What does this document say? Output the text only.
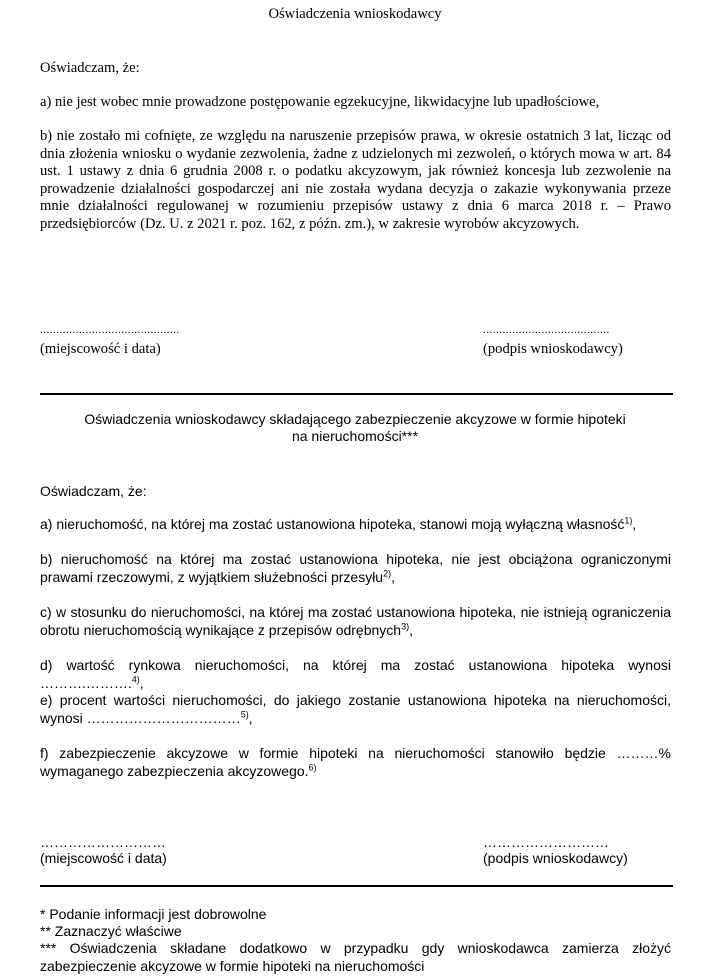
Oświadczenia wnioskodawcy
Oświadczam, że:
a) nie jest wobec mnie prowadzone postępowanie egzekucyjne, likwidacyjne lub upadłościowe,
b) nie zostało mi cofnięte, ze względu na naruszenie przepisów prawa, w okresie ostatnich 3 lat, licząc od dnia złożenia wniosku o wydanie zezwolenia, żadne z udzielonych mi zezwoleń, o których mowa w art. 84 ust. 1 ustawy z dnia 6 grudnia 2008 r. o podatku akcyzowym, jak również koncesja lub zezwolenie na prowadzenie działalności gospodarczej ani nie została wydana decyzja o zakazie wykonywania przeze mnie działalności regulowanej w rozumieniu przepisów ustawy z dnia 6 marca 2018 r. – Prawo przedsiębiorców (Dz. U. z 2021 r. poz. 162, z późn. zm.), w zakresie wyrobów akcyzowych.
...........................................	.......................................
(miejscowość i data)	(podpis wnioskodawcy)
Oświadczenia wnioskodawcy składającego zabezpieczenie akcyzowe w formie hipoteki
na nieruchomości***
Oświadczam, że:
a) nieruchomość, na której ma zostać ustanowiona hipoteka, stanowi moją wyłączną własność$^{1)}$,
b) nieruchomość na której ma zostać ustanowiona hipoteka, nie jest obciążona ograniczonymi prawami rzeczowymi, z wyjątkiem służebności przesyłu$^{2)}$,
c) w stosunku do nieruchomości, na której ma zostać ustanowiona hipoteka, nie istnieją ograniczenia obrotu nieruchomością wynikające z przepisów odrębnych$^{3)}$,
d) wartość rynkowa nieruchomości, na której ma zostać ustanowiona hipoteka wynosi
……….……….$^{4)}$,
e) procent wartości nieruchomości, do jakiego zostanie ustanowiona hipoteka na nieruchomości, wynosi ……………………………$^{5)}$,
f) zabezpieczenie akcyzowe w formie hipoteki na nieruchomości stanowiło będzie ………% wymaganego zabezpieczenia akcyzowego.$^{6)}$
………………………	………………………
(miejscowość i data)	(podpis wnioskodawcy)
* Podanie informacji jest dobrowolne
** Zaznaczyć właściwe
*** Oświadczenia składane dodatkowo w przypadku gdy wnioskodawca zamierza złożyć zabezpieczenie akcyzowe w formie hipoteki na nieruchomości
